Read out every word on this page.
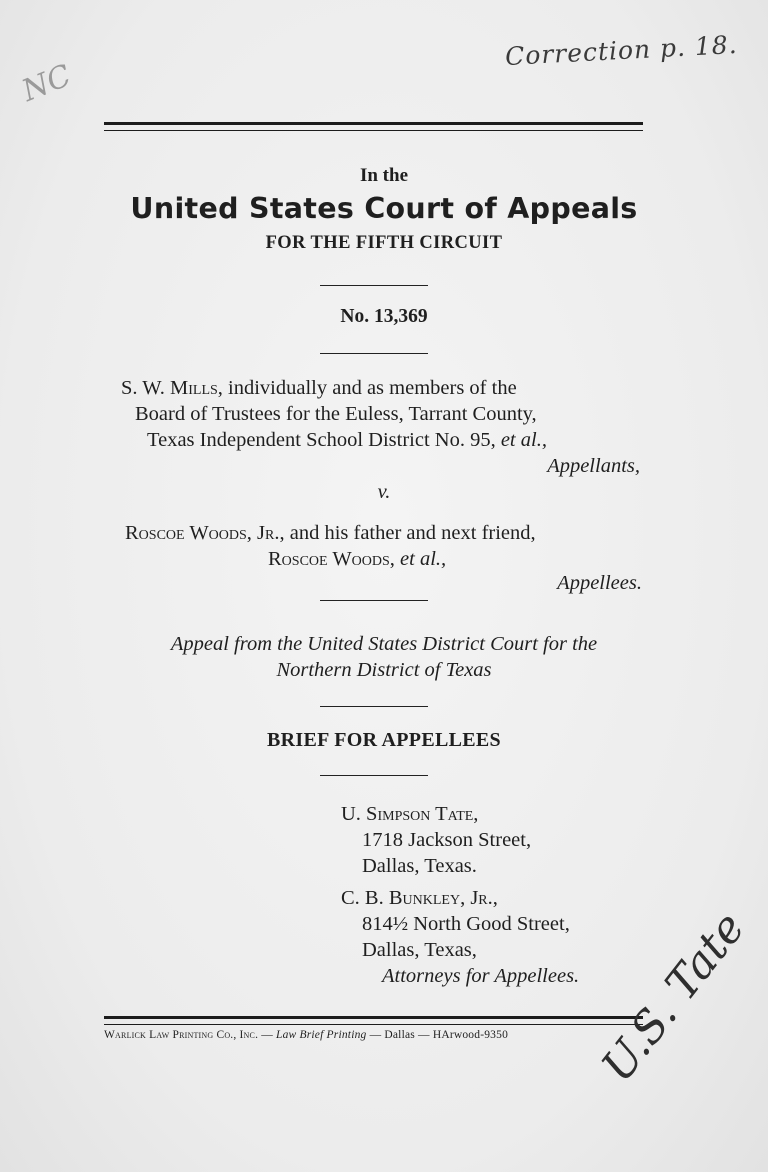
Correction p. 18.
NC
In the
United States Court of Appeals
FOR THE FIFTH CIRCUIT
No. 13,369
S. W. Mills, individually and as members of the
Board of Trustees for the Euless, Tarrant County,
Texas Independent School District No. 95, et al.,
Appellants,
v.
Roscoe Woods, Jr., and his father and next friend,
Roscoe Woods, et al.,
Appellees.
Appeal from the United States District Court for the
Northern District of Texas
BRIEF FOR APPELLEES
U. Simpson Tate,
1718 Jackson Street,
Dallas, Texas.
C. B. Bunkley, Jr.,
814½ North Good Street,
Dallas, Texas,
Attorneys for Appellees.
Warlick Law Printing Co., Inc. — Law Brief Printing — Dallas — HArwood-9350 U.S. Tate
